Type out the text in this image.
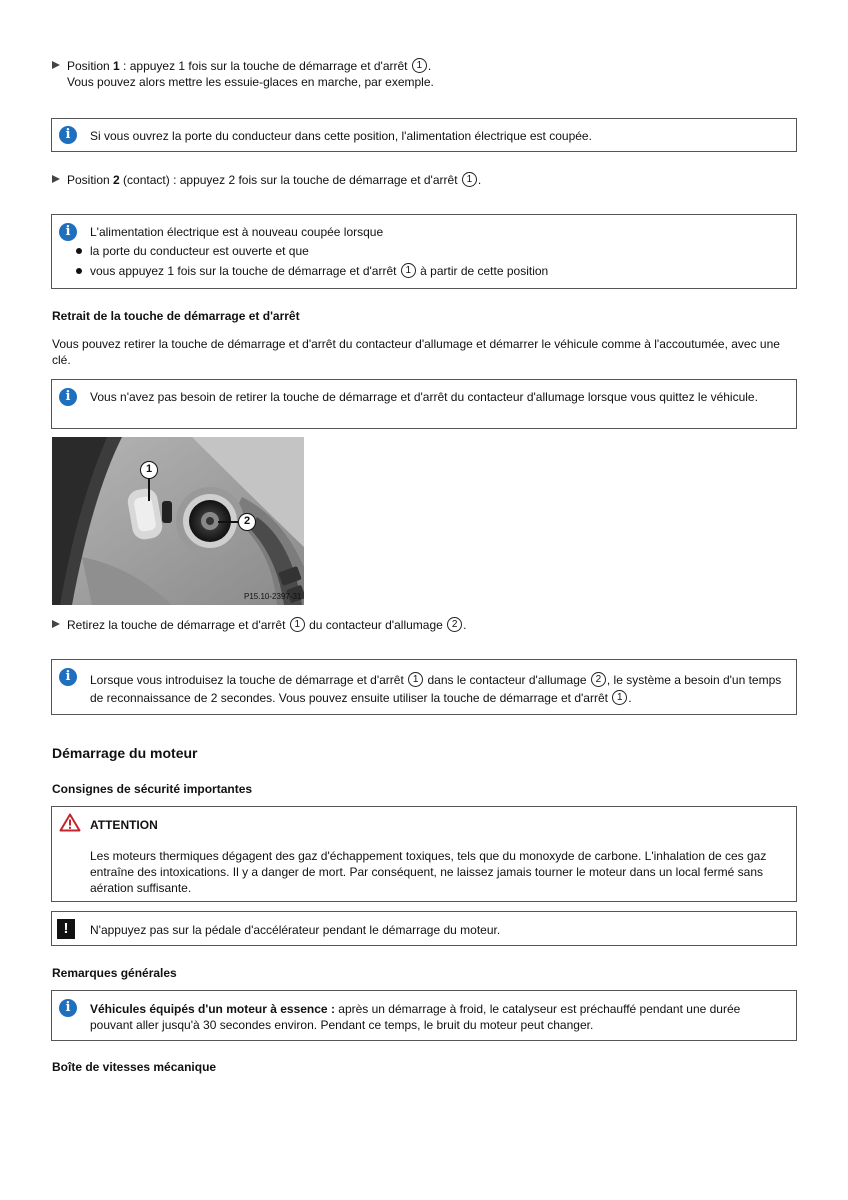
Position 1 : appuyez 1 fois sur la touche de démarrage et d'arrêt 1 .
Vous pouvez alors mettre les essuie-glaces en marche, par exemple.
i	Si vous ouvrez la porte du conducteur dans cette position, l'alimentation électrique est coupée.
Position 2 (contact) : appuyez 2 fois sur la touche de démarrage et d'arrêt 1 .
i	L'alimentation électrique est à nouveau coupée lorsque
la porte du conducteur est ouverte et que
vous appuyez 1 fois sur la touche de démarrage et d'arrêt 1 à partir de cette position
Retrait de la touche de démarrage et d'arrêt
Vous pouvez retirer la touche de démarrage et d'arrêt du contacteur d'allumage et démarrer le véhicule comme à l'accoutumée, avec une clé.
i	Vous n'avez pas besoin de retirer la touche de démarrage et d'arrêt du contacteur d'allumage lorsque vous quittez le véhicule.
1
2
P15.10-2397-31
Retirez la touche de démarrage et d'arrêt 1 du contacteur d'allumage 2 .
i	Lorsque vous introduisez la touche de démarrage et d'arrêt 1 dans le contacteur d'allumage 2 , le système a besoin d'un temps de reconnaissance de 2 secondes. Vous pouvez ensuite utiliser la touche de démarrage et d'arrêt 1 .
Démarrage du moteur
Consignes de sécurité importantes
ATTENTION
Les moteurs thermiques dégagent des gaz d'échappement toxiques, tels que du monoxyde de carbone. L'inhalation de ces gaz entraîne des intoxications. Il y a danger de mort. Par conséquent, ne laissez jamais tourner le moteur dans un local fermé sans aération suffisante.
!	N'appuyez pas sur la pédale d'accélérateur pendant le démarrage du moteur.
Remarques générales
i	Véhicules équipés d'un moteur à essence : après un démarrage à froid, le catalyseur est préchauffé pendant une durée pouvant aller jusqu'à 30 secondes environ. Pendant ce temps, le bruit du moteur peut changer.
Boîte de vitesses mécanique
